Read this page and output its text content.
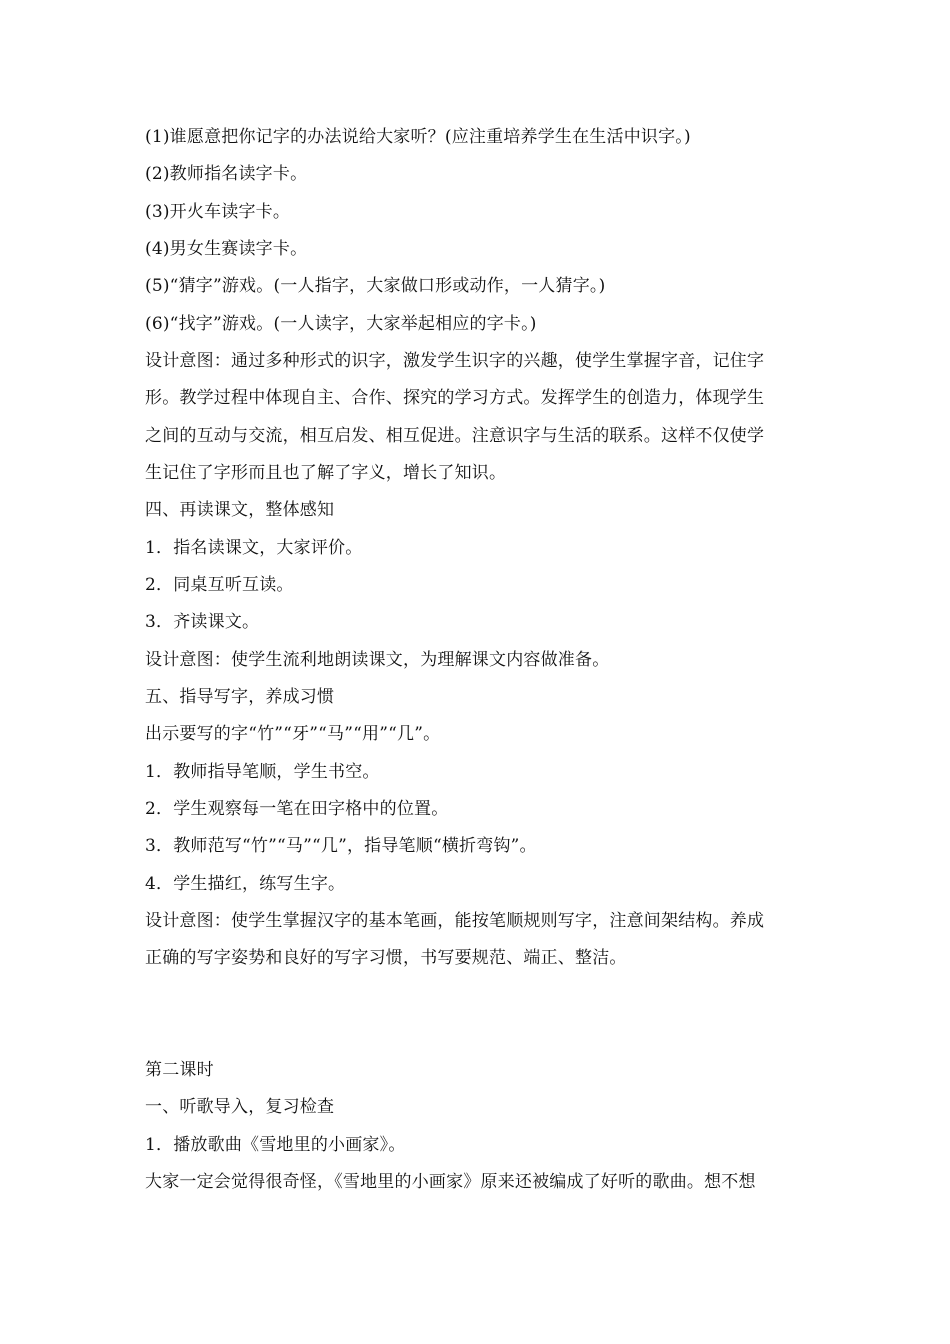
(1)谁愿意把你记字的办法说给大家听？(应注重培养学生在生活中识字。)
(2)教师指名读字卡。
(3)开火车读字卡。
(4)男女生赛读字卡。
(5)“猜字”游戏。(一人指字，大家做口形或动作，一人猜字。)
(6)“找字”游戏。(一人读字，大家举起相应的字卡。)
设计意图：通过多种形式的识字，激发学生识字的兴趣，使学生掌握字音，记住字
形。教学过程中体现自主、合作、探究的学习方式。发挥学生的创造力，体现学生
之间的互动与交流，相互启发、相互促进。注意识字与生活的联系。这样不仅使学
生记住了字形而且也了解了字义，增长了知识。
四、再读课文，整体感知
1．指名读课文，大家评价。
2．同桌互听互读。
3．齐读课文。
设计意图：使学生流利地朗读课文，为理解课文内容做准备。
五、指导写字，养成习惯
出示要写的字“竹”“牙”“马”“用”“几”。
1．教师指导笔顺，学生书空。
2．学生观察每一笔在田字格中的位置。
3．教师范写“竹”“马”“几”，指导笔顺“横折弯钩”。
4．学生描红，练写生字。
设计意图：使学生掌握汉字的基本笔画，能按笔顺规则写字，注意间架结构。养成
正确的写字姿势和良好的写字习惯，书写要规范、端正、整洁。
第二课时
一、听歌导入，复习检查
1．播放歌曲《雪地里的小画家》。
大家一定会觉得很奇怪，《雪地里的小画家》原来还被编成了好听的歌曲。想不想
